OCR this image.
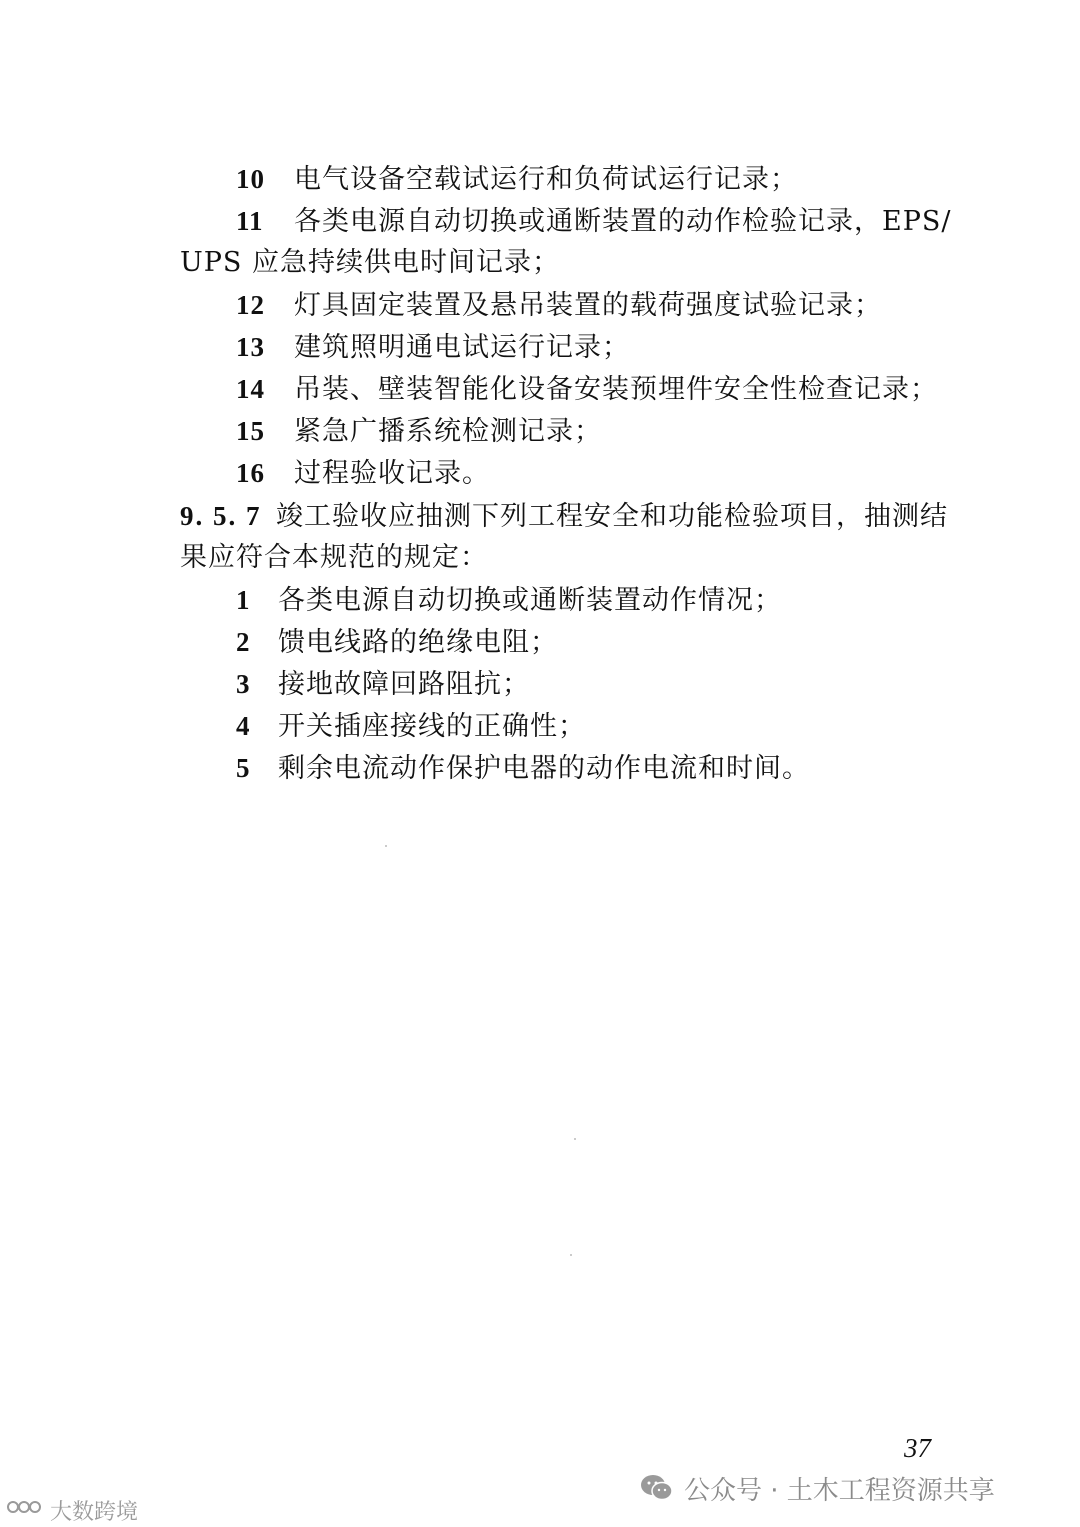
10 电气设备空载试运行和负荷试运行记录；
11 各类电源自动切换或通断装置的动作检验记录，EPS/
UPS 应急持续供电时间记录；
12 灯具固定装置及悬吊装置的载荷强度试验记录；
13 建筑照明通电试运行记录；
14 吊装、壁装智能化设备安装预埋件安全性检查记录；
15 紧急广播系统检测记录；
16 过程验收记录。
9. 5. 7 竣工验收应抽测下列工程安全和功能检验项目，抽测结
果应符合本规范的规定：
1 各类电源自动切换或通断装置动作情况；
2 馈电线路的绝缘电阻；
3 接地故障回路阻抗；
4 开关插座接线的正确性；
5 剩余电流动作保护电器的动作电流和时间。
37
公众号 · 土木工程资源共享
大数跨境
